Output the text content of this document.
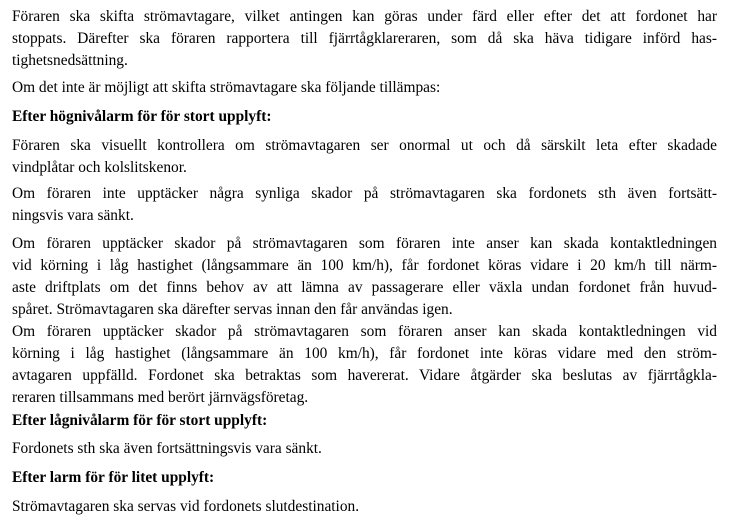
Föraren ska skifta strömavtagare, vilket antingen kan göras under färd eller efter det att fordonet har
stoppats. Därefter ska föraren rapportera till fjärrtågklareraren, som då ska häva tidigare införd has-
tighetsnedsättning.
Om det inte är möjligt att skifta strömavtagare ska följande tillämpas:
Efter högnivålarm för för stort upplyft:
Föraren ska visuellt kontrollera om strömavtagaren ser onormal ut och då särskilt leta efter skadade
vindplåtar och kolslitskenor.
Om föraren inte upptäcker några synliga skador på strömavtagaren ska fordonets sth även fortsätt-
ningsvis vara sänkt.
Om föraren upptäcker skador på strömavtagaren som föraren inte anser kan skada kontaktledningen
vid körning i låg hastighet (långsammare än 100 km/h), får fordonet köras vidare i 20 km/h till närm-
aste driftplats om det finns behov av att lämna av passagerare eller växla undan fordonet från huvud-
spåret. Strömavtagaren ska därefter servas innan den får användas igen.
Om föraren upptäcker skador på strömavtagaren som föraren anser kan skada kontaktledningen vid
körning i låg hastighet (långsammare än 100 km/h), får fordonet inte köras vidare med den ström-
avtagaren uppfälld. Fordonet ska betraktas som havererat. Vidare åtgärder ska beslutas av fjärrtågkla-
reraren tillsammans med berört järnvägsföretag.
Efter lågnivålarm för för stort upplyft:
Fordonets sth ska även fortsättningsvis vara sänkt.
Efter larm för för litet upplyft:
Strömavtagaren ska servas vid fordonets slutdestination.
